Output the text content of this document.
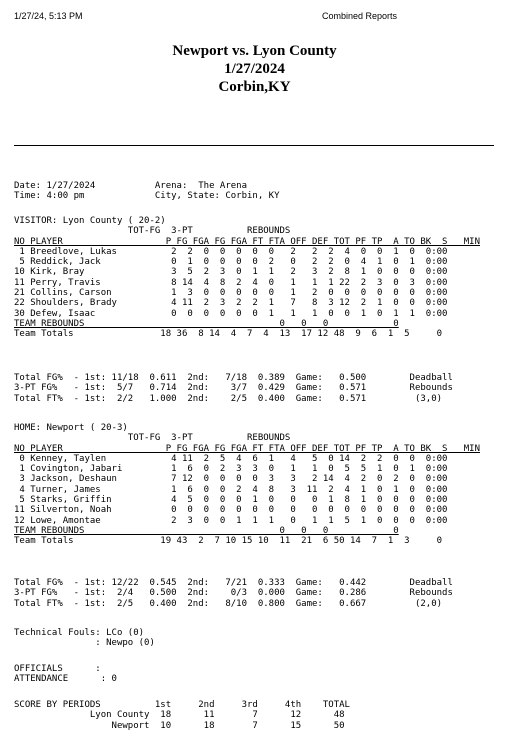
1/27/24, 5:13 PM	Combined Reports
Newport vs. Lyon County
1/27/2024
Corbin,KY
Date: 1/27/2024           Arena:  The Arena
Time: 4:00 pm             City, State: Corbin, KY
VISITOR: Lyon County ( 20-2)
TOT-FG  3-PT          REBOUNDS
NO PLAYER                   P FG FGA FG FGA FT FTA OFF DEF TOT PF TP  A TO BK  S   MIN
1 Breedlove, Lukas          2  2  0  0  0  0  0   2   2  2  4  0  0  1  0  0:00
5 Reddick, Jack             0  1  0  0  0  0  2   0   2  2  0  4  1  0  1  0:00
10 Kirk, Bray                3  5  2  3  0  1  1   2   3  2  8  1  0  0  0  0:00
11 Perry, Travis             8 14  4  8  2  4  0   1   1  1 22  2  3  0  3  0:00
21 Collins, Carson           1  3  0  0  0  0  0   1   2  0  0  0  0  0  0  0:00
22 Shoulders, Brady          4 11  2  3  2  2  1   7   8  3 12  2  1  0  0  0:00
30 Defew, Isaac              0  0  0  0  0  0  1   1   1  0  0  1  0  1  1  0:00
TEAM REBOUNDS                                    0   0   0            0
Team Totals                18 36  8 14  4  7  4  13  17 12 48  9  6  1  5     0
Total FG%  - 1st: 11/18  0.611  2nd:   7/18  0.389  Game:   0.500        Deadball
3-PT FG%   - 1st:  5/7   0.714  2nd:    3/7  0.429  Game:   0.571        Rebounds
Total FT%  - 1st:  2/2   1.000  2nd:    2/5  0.400  Game:   0.571         (3,0)
HOME: Newport ( 20-3)
TOT-FG  3-PT          REBOUNDS
NO PLAYER                   P FG FGA FG FGA FT FTA OFF DEF TOT PF TP  A TO BK  S   MIN
0 Kenney, Taylen            4 11  2  5  4  6  1   4   5  0 14  2  2  0  0  0:00
1 Covington, Jabari         1  6  0  2  3  3  0   1   1  0  5  5  1  0  1  0:00
3 Jackson, Deshaun          7 12  0  0  0  0  3   3   2 14  4  2  0  2  0  0:00
4 Turner, James             1  6  0  0  2  4  8   3  11  2  4  1  0  1  0  0:00
5 Starks, Griffin           4  5  0  0  0  1  0   0   0  1  8  1  0  0  0  0:00
11 Silverton, Noah           0  0  0  0  0  0  0   0   0  0  0  0  0  0  0  0:00
12 Lowe, Amontae             2  3  0  0  1  1  1   0   1  1  5  1  0  0  0  0:00
TEAM REBOUNDS                                    0   0   0            0
Team Totals                19 43  2  7 10 15 10  11  21  6 50 14  7  1  3     0
Total FG%  - 1st: 12/22  0.545  2nd:   7/21  0.333  Game:   0.442        Deadball
3-PT FG%   - 1st:  2/4   0.500  2nd:    0/3  0.000  Game:   0.286        Rebounds
Total FT%  - 1st:  2/5   0.400  2nd:   8/10  0.800  Game:   0.667         (2,0)
Technical Fouls: LCo (0)
: Newpo (0)
OFFICIALS      :
ATTENDANCE      : 0
SCORE BY PERIODS          1st     2nd     3rd     4th    TOTAL
Lyon County  18      11       7      12      48
Newport  10      18       7      15      50
